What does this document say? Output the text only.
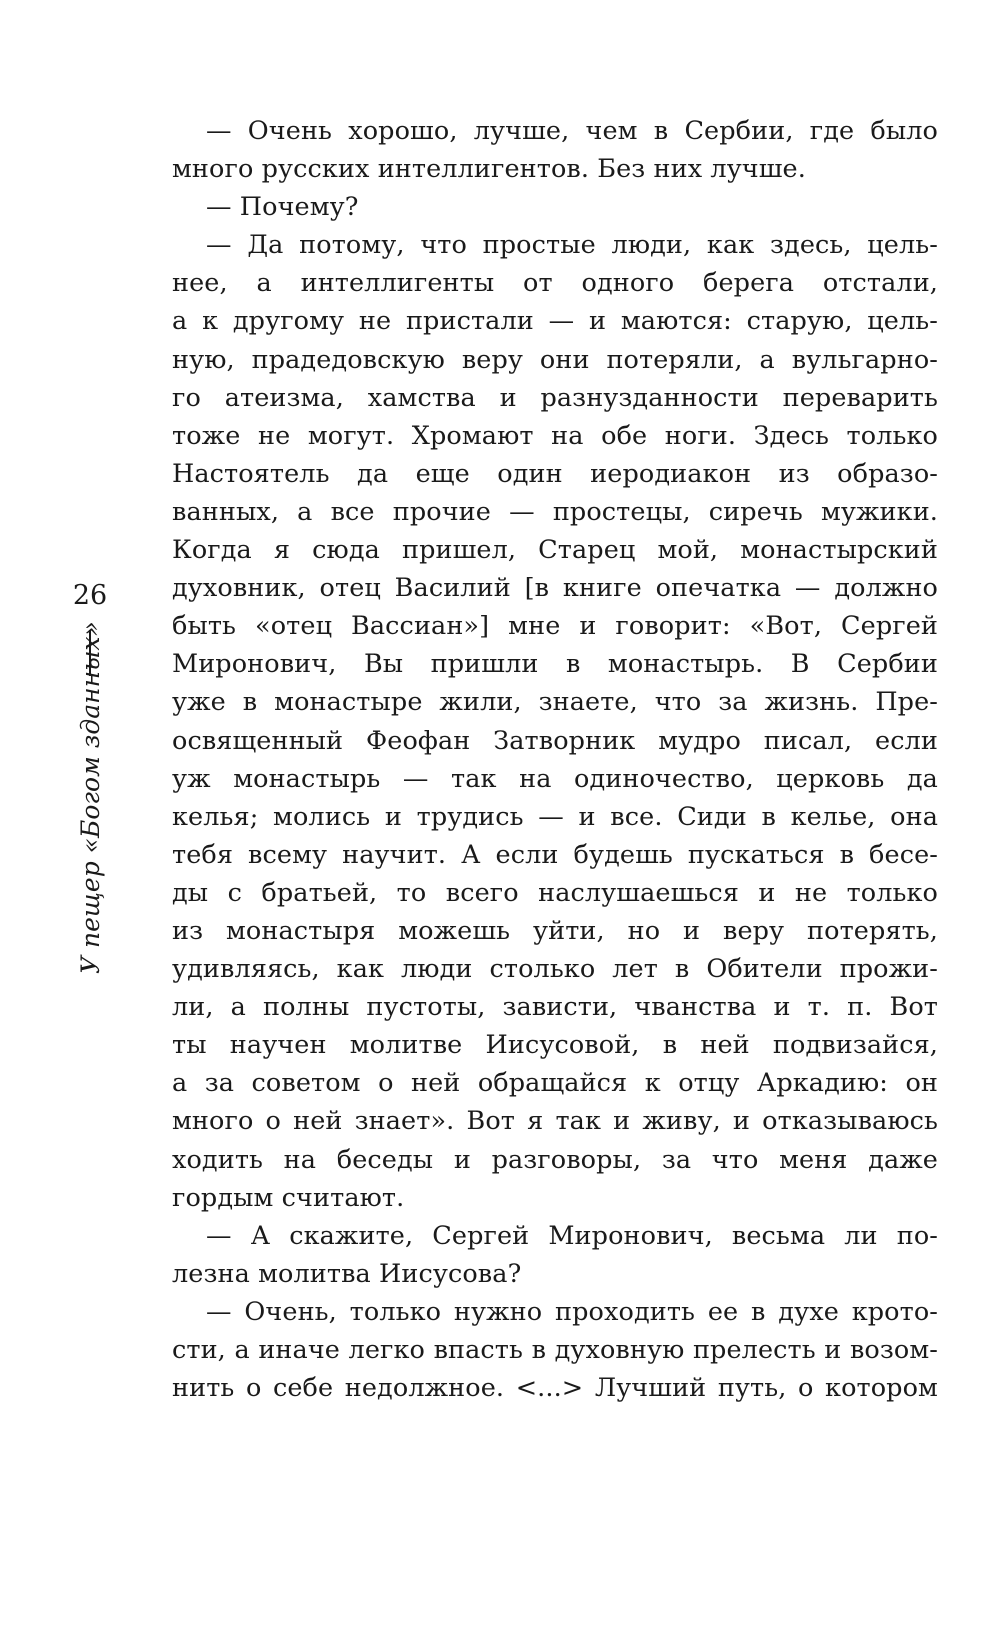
26
У пещер «Богом зданных»
— Очень хорошо, лучше, чем в Сербии, где было
много русских интеллигентов. Без них лучше.
— Почему?
— Да потому, что простые люди, как здесь, цель-
нее, а интеллигенты от одного берега отстали,
а к другому не пристали — и маются: старую, цель-
ную, прадедовскую веру они потеряли, а вульгарно-
го атеизма, хамства и разнузданности переварить
тоже не могут. Хромают на обе ноги. Здесь только
Настоятель да еще один иеродиакон из образо-
ванных, а все прочие — простецы, сиречь мужики.
Когда я сюда пришел, Старец мой, монастырский
духовник, отец Василий [в книге опечатка — должно
быть «отец Вассиан»] мне и говорит: «Вот, Сергей
Миронович, Вы пришли в монастырь. В Сербии
уже в монастыре жили, знаете, что за жизнь. Пре-
освященный Феофан Затворник мудро писал, если
уж монастырь — так на одиночество, церковь да
келья; молись и трудись — и все. Сиди в келье, она
тебя всему научит. А если будешь пускаться в бесе-
ды с братьей, то всего наслушаешься и не только
из монастыря можешь уйти, но и веру потерять,
удивляясь, как люди столько лет в Обители прожи-
ли, а полны пустоты, зависти, чванства и т. п. Вот
ты научен молитве Иисусовой, в ней подвизайся,
а за советом о ней обращайся к отцу Аркадию: он
много о ней знает». Вот я так и живу, и отказываюсь
ходить на беседы и разговоры, за что меня даже
гордым считают.
— А скажите, Сергей Миронович, весьма ли по-
лезна молитва Иисусова?
— Очень, только нужно проходить ее в духе крото-
сти, а иначе легко впасть в духовную прелесть и возом-
нить о себе недолжное. <...> Лучший путь, о котором
